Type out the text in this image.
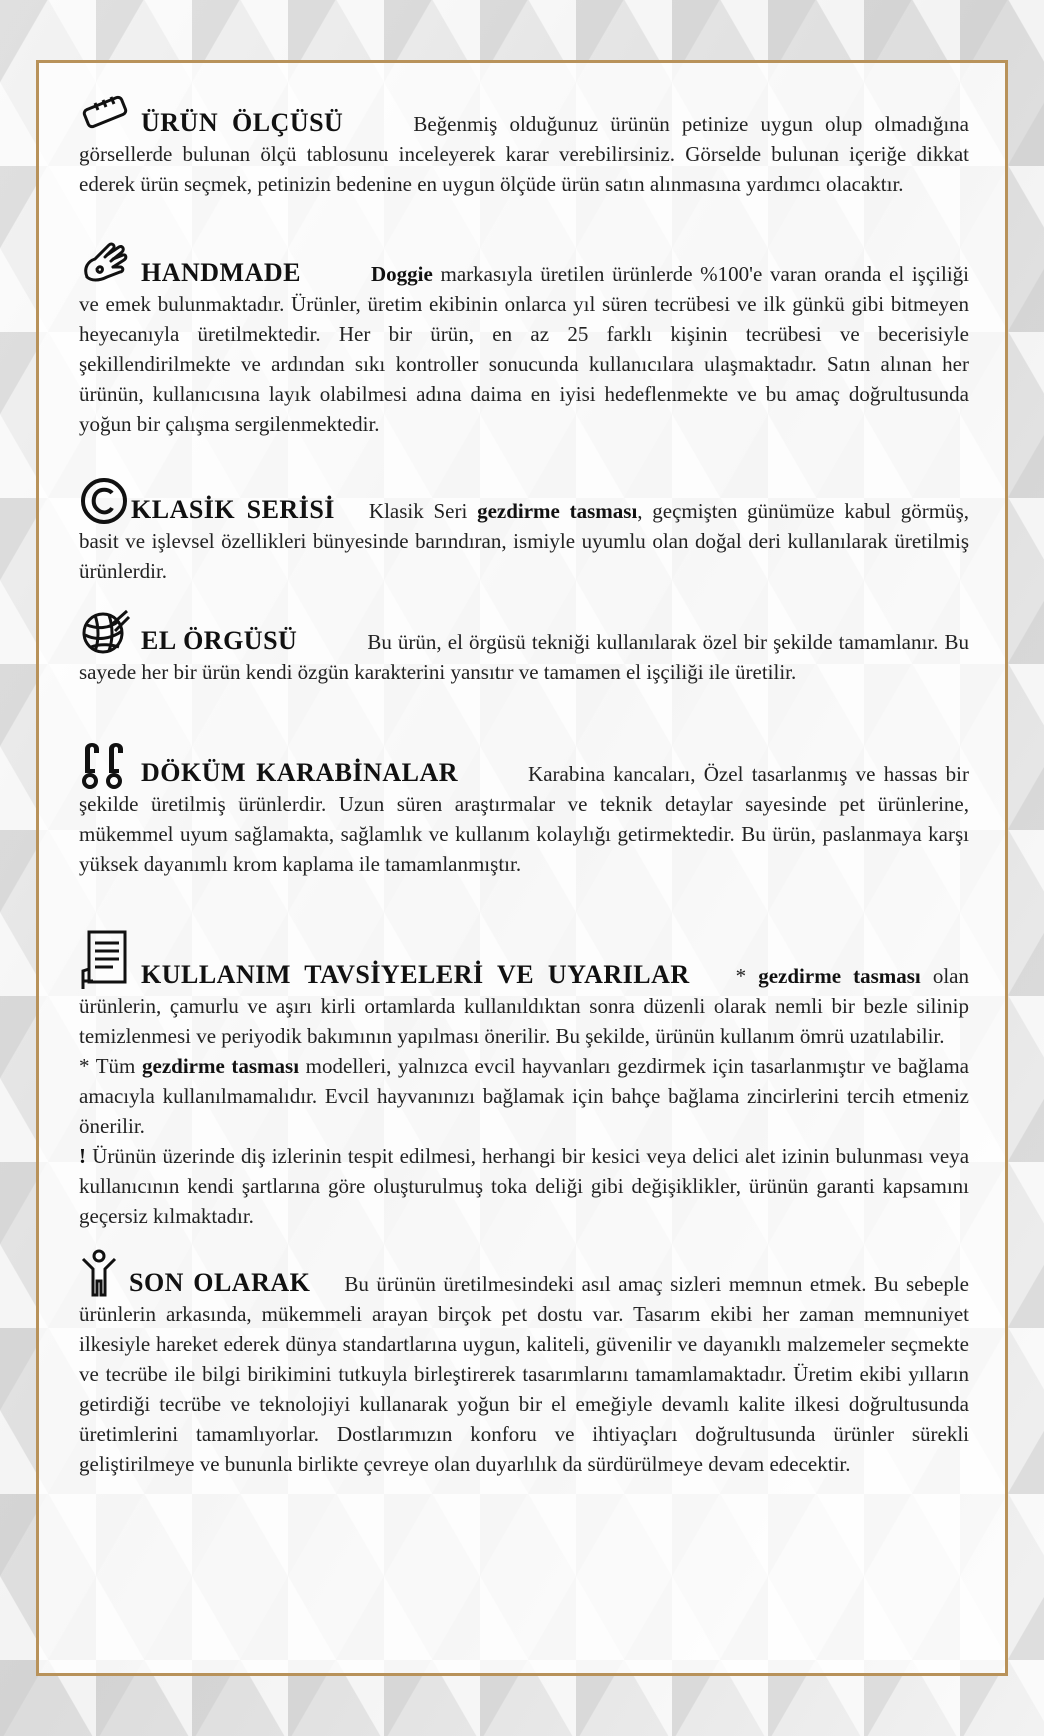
ÜRÜN ÖLÇÜSÜ	Beğenmiş olduğunuz ürünün petinize uygun olup olmadığına görsellerde bulunan ölçü tablosunu inceleyerek karar verebilirsiniz. Görselde bulunan içeriğe dikkat ederek ürün seçmek, petinizin bedenine en uygun ölçüde ürün satın alınmasına yardımcı olacaktır.

HANDMADE	Doggie markasıyla üretilen ürünlerde %100'e varan oranda el işçiliği ve emek bulunmaktadır. Ürünler, üretim ekibinin onlarca yıl süren tecrübesi ve ilk günkü gibi bitmeyen heyecanıyla üretilmektedir. Her bir ürün, en az 25 farklı kişinin tecrübesi ve becerisiyle şekillendirilmekte ve ardından sıkı kontroller sonucunda kullanıcılara ulaşmaktadır. Satın alınan her ürünün, kullanıcısına layık olabilmesi adına daima en iyisi hedeflenmekte ve bu amaç doğrultusunda yoğun bir çalışma sergilenmektedir.

KLASİK SERİSİ Klasik Seri gezdirme tasması, geçmişten günümüze kabul görmüş, basit ve işlevsel özellikleri bünyesinde barındıran, ismiyle uyumlu olan doğal deri kullanılarak üretilmiş ürünlerdir.

EL ÖRGÜSÜ	Bu ürün, el örgüsü tekniği kullanılarak özel bir şekilde tamamlanır. Bu sayede her bir ürün kendi özgün karakterini yansıtır ve tamamen el işçiliği ile üretilir.

DÖKÜM KARABİNALAR	Karabina kancaları, Özel tasarlanmış ve hassas bir şekilde üretilmiş ürünlerdir. Uzun süren araştırmalar ve teknik detaylar sayesinde pet ürünlerine, mükemmel uyum sağlamakta, sağlamlık ve kullanım kolaylığı getirmektedir. Bu ürün, paslanmaya karşı yüksek dayanımlı krom kaplama ile tamamlanmıştır.

KULLANIM TAVSİYELERİ VE UYARILAR * gezdirme tasması olan ürünlerin, çamurlu ve aşırı kirli ortamlarda kullanıldıktan sonra düzenli olarak nemli bir bezle silinip temizlenmesi ve periyodik bakımının yapılması önerilir. Bu şekilde, ürünün kullanım ömrü uzatılabilir.

* Tüm gezdirme tasması modelleri, yalnızca evcil hayvanları gezdirmek için tasarlanmıştır ve bağlama amacıyla kullanılmamalıdır. Evcil hayvanınızı bağlamak için bahçe bağlama zincirlerini tercih etmeniz önerilir.

! Ürünün üzerinde diş izlerinin tespit edilmesi, herhangi bir kesici veya delici alet izinin bulunması veya kullanıcının kendi şartlarına göre oluşturulmuş toka deliği gibi değişiklikler, ürünün garanti kapsamını geçersiz kılmaktadır.

SON OLARAK Bu ürünün üretilmesindeki asıl amaç sizleri memnun etmek. Bu sebeple ürünlerin arkasında, mükemmeli arayan birçok pet dostu var. Tasarım ekibi her zaman memnuniyet ilkesiyle hareket ederek dünya standartlarına uygun, kaliteli, güvenilir ve dayanıklı malzemeler seçmekte ve tecrübe ile bilgi birikimini tutkuyla birleştirerek tasarımlarını tamamlamaktadır. Üretim ekibi yılların getirdiği tecrübe ve teknolojiyi kullanarak yoğun bir el emeğiyle devamlı kalite ilkesi doğrultusunda üretimlerini tamamlıyorlar. Dostlarımızın konforu ve ihtiyaçları doğrultusunda ürünler sürekli geliştirilmeye ve bununla birlikte çevreye olan duyarlılık da sürdürülmeye devam edecektir.
